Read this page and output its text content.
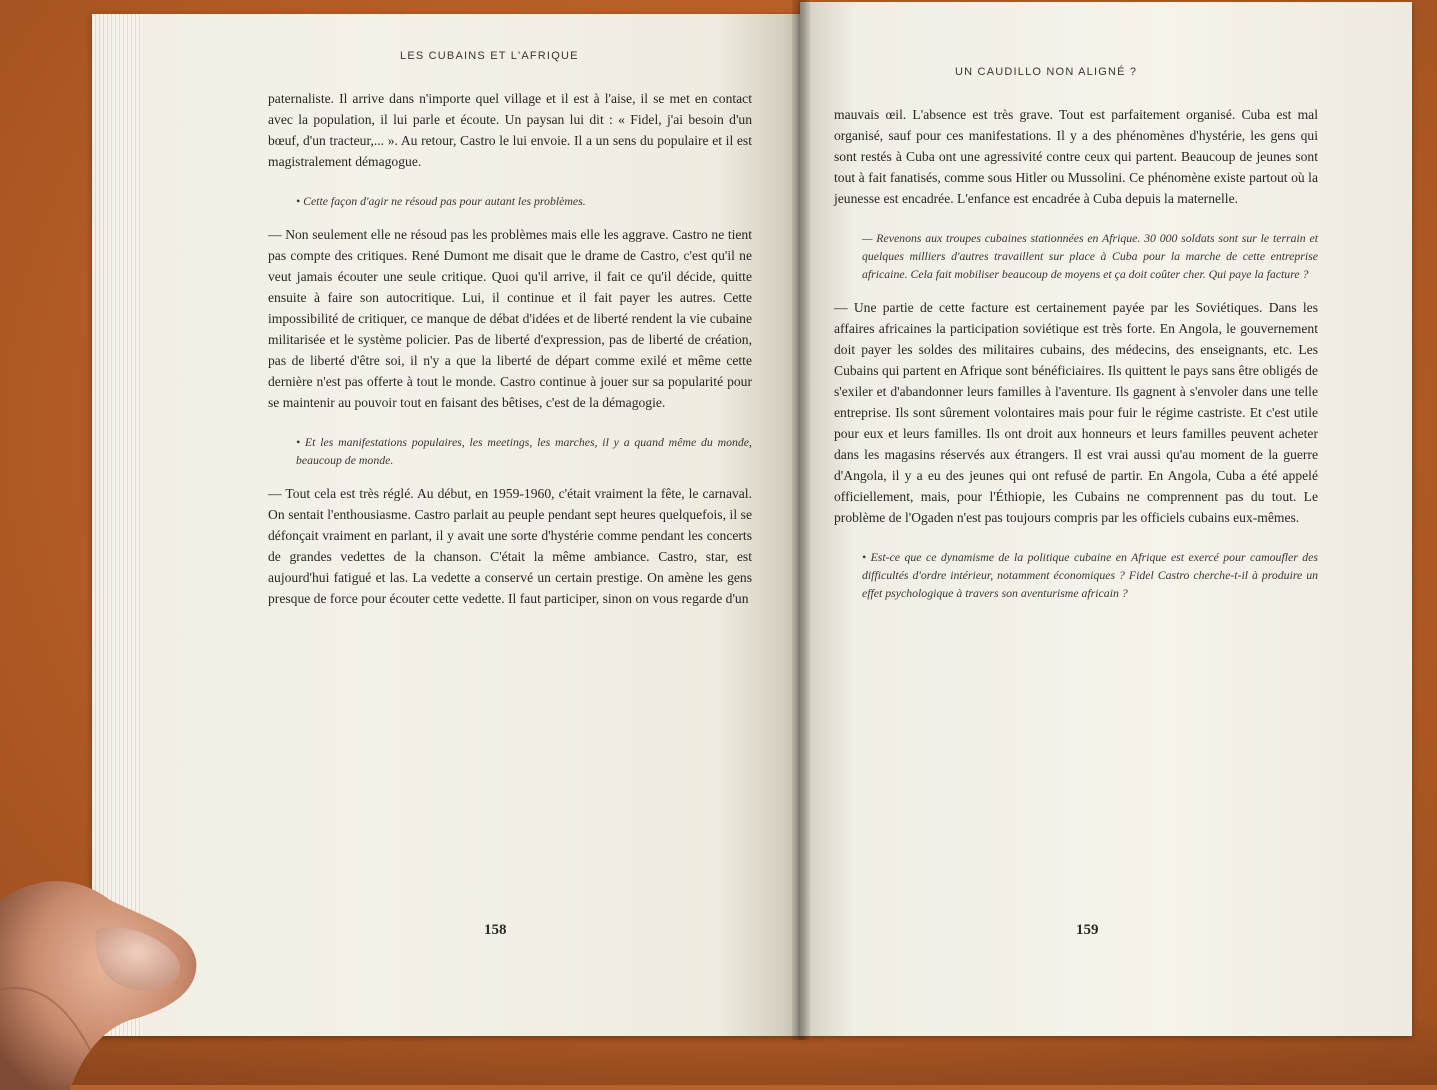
LES CUBAINS ET L'AFRIQUE

paternaliste. Il arrive dans n'importe quel village et il est à l'aise, il se met en contact avec la population, il lui parle et écoute. Un paysan lui dit : « Fidel, j'ai besoin d'un bœuf, d'un tracteur,... ». Au retour, Castro le lui envoie. Il a un sens du populaire et il est magistralement démagogue.

• Cette façon d'agir ne résoud pas pour autant les problèmes.

— Non seulement elle ne résoud pas les problèmes mais elle les aggrave. Castro ne tient pas compte des critiques. René Dumont me disait que le drame de Castro, c'est qu'il ne veut jamais écouter une seule critique. Quoi qu'il arrive, il fait ce qu'il décide, quitte ensuite à faire son autocritique. Lui, il continue et il fait payer les autres. Cette impossibilité de critiquer, ce manque de débat d'idées et de liberté rendent la vie cubaine militarisée et le système policier. Pas de liberté d'expression, pas de liberté de création, pas de liberté d'être soi, il n'y a que la liberté de départ comme exilé et même cette dernière n'est pas offerte à tout le monde. Castro continue à jouer sur sa popularité pour se maintenir au pouvoir tout en faisant des bêtises, c'est de la démagogie.

• Et les manifestations populaires, les meetings, les marches, il y a quand même du monde, beaucoup de monde.

— Tout cela est très réglé. Au début, en 1959-1960, c'était vraiment la fête, le carnaval. On sentait l'enthousiasme. Castro parlait au peuple pendant sept heures quelquefois, il se défonçait vraiment en parlant, il y avait une sorte d'hystérie comme pendant les concerts de grandes vedettes de la chanson. C'était la même ambiance. Castro, star, est aujourd'hui fatigué et las. La vedette a conservé un certain prestige. On amène les gens presque de force pour écouter cette vedette. Il faut participer, sinon on vous regarde d'un

158
UN CAUDILLO NON ALIGNÉ ?

mauvais œil. L'absence est très grave. Tout est parfaitement organisé. Cuba est mal organisé, sauf pour ces manifestations. Il y a des phénomènes d'hystérie, les gens qui sont restés à Cuba ont une agressivité contre ceux qui partent. Beaucoup de jeunes sont tout à fait fanatisés, comme sous Hitler ou Mussolini. Ce phénomène existe partout où la jeunesse est encadrée. L'enfance est encadrée à Cuba depuis la maternelle.

— Revenons aux troupes cubaines stationnées en Afrique. 30 000 soldats sont sur le terrain et quelques milliers d'autres travaillent sur place à Cuba pour la marche de cette entreprise africaine. Cela fait mobiliser beaucoup de moyens et ça doit coûter cher. Qui paye la facture ?

— Une partie de cette facture est certainement payée par les Soviétiques. Dans les affaires africaines la participation soviétique est très forte. En Angola, le gouvernement doit payer les soldes des militaires cubains, des médecins, des enseignants, etc. Les Cubains qui partent en Afrique sont bénéficiaires. Ils quittent le pays sans être obligés de s'exiler et d'abandonner leurs familles à l'aventure. Ils gagnent à s'envoler dans une telle entreprise. Ils sont sûrement volontaires mais pour fuir le régime castriste. Et c'est utile pour eux et leurs familles. Ils ont droit aux honneurs et leurs familles peuvent acheter dans les magasins réservés aux étrangers. Il est vrai aussi qu'au moment de la guerre d'Angola, il y a eu des jeunes qui ont refusé de partir. En Angola, Cuba a été appelé officiellement, mais, pour l'Éthiopie, les Cubains ne comprennent pas du tout. Le problème de l'Ogaden n'est pas toujours compris par les officiels cubains eux-mêmes.

• Est-ce que ce dynamisme de la politique cubaine en Afrique est exercé pour camoufler des difficultés d'ordre intérieur, notamment économiques ? Fidel Castro cherche-t-il à produire un effet psychologique à travers son aventurisme africain ?

159
